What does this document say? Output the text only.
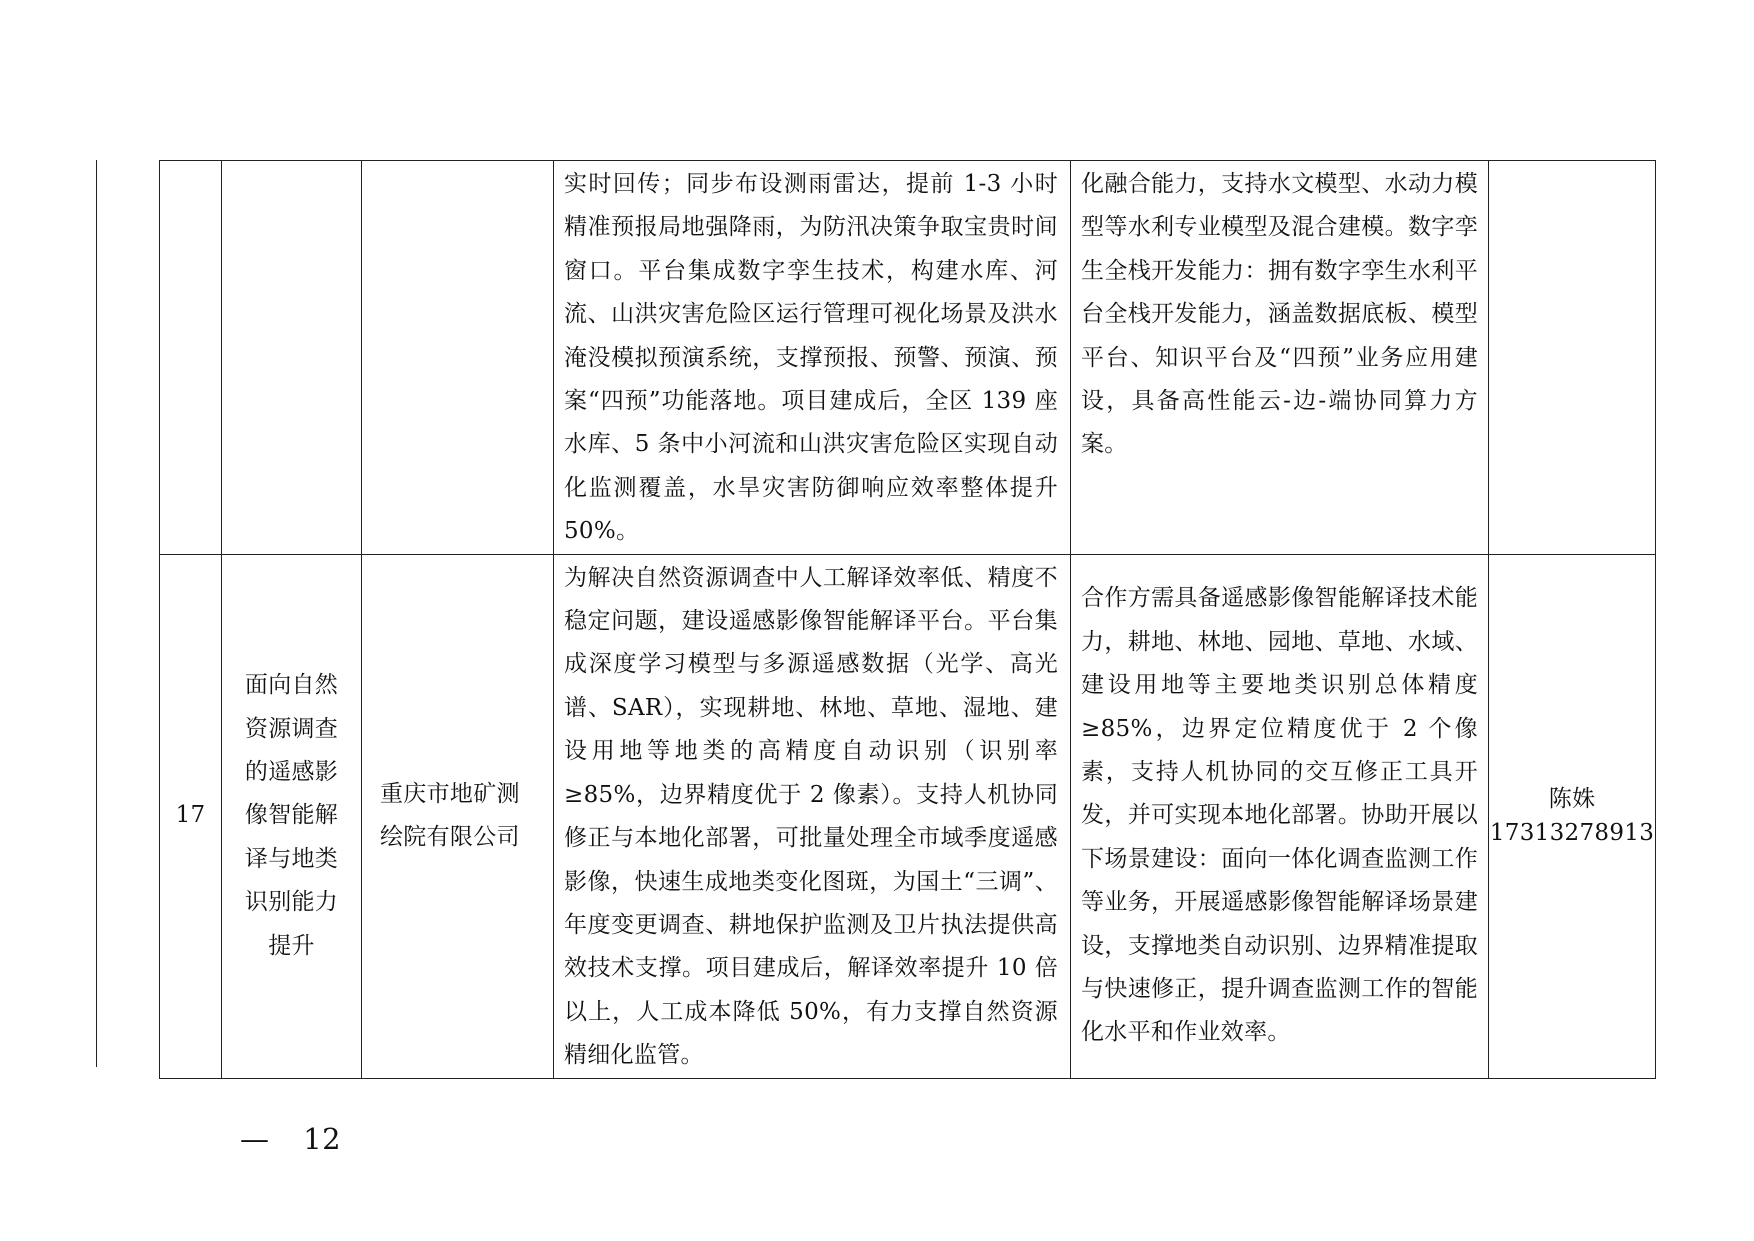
			实时回传；同步布设测雨雷达，提前 1-3 小时精准预报局地强降雨，为防汛决策争取宝贵时间窗口。平台集成数字孪生技术，构建水库、河流、山洪灾害危险区运行管理可视化场景及洪水淹没模拟预演系统，支撑预报、预警、预演、预案“四预”功能落地。项目建成后，全区 139 座水库、5 条中小河流和山洪灾害危险区实现自动化监测覆盖，水旱灾害防御响应效率整体提升 50%。	化融合能力，支持水文模型、水动力模型等水利专业模型及混合建模。数字孪生全栈开发能力：拥有数字孪生水利平台全栈开发能力，涵盖数据底板、模型平台、知识平台及“四预”业务应用建设，具备高性能云-边-端协同算力方案。	

17	面向自然资源调查的遥感影像智能解译与地类识别能力提升	重庆市地矿测绘院有限公司	为解决自然资源调查中人工解译效率低、精度不稳定问题，建设遥感影像智能解译平台。平台集成深度学习模型与多源遥感数据（光学、高光谱、SAR），实现耕地、林地、草地、湿地、建设用地等地类的高精度自动识别（识别率≥85%，边界精度优于 2 像素）。支持人机协同修正与本地化部署，可批量处理全市域季度遥感影像，快速生成地类变化图斑，为国土“三调”、年度变更调查、耕地保护监测及卫片执法提供高效技术支撑。项目建成后，解译效率提升 10 倍以上，人工成本降低 50%，有力支撑自然资源精细化监管。	合作方需具备遥感影像智能解译技术能力，耕地、林地、园地、草地、水域、建设用地等主要地类识别总体精度≥85%，边界定位精度优于 2 个像素，支持人机协同的交互修正工具开发，并可实现本地化部署。协助开展以下场景建设：面向一体化调查监测工作等业务，开展遥感影像智能解译场景建设，支撑地类自动识别、边界精准提取与快速修正，提升调查监测工作的智能化水平和作业效率。	陈姝
17313278913
— 12
